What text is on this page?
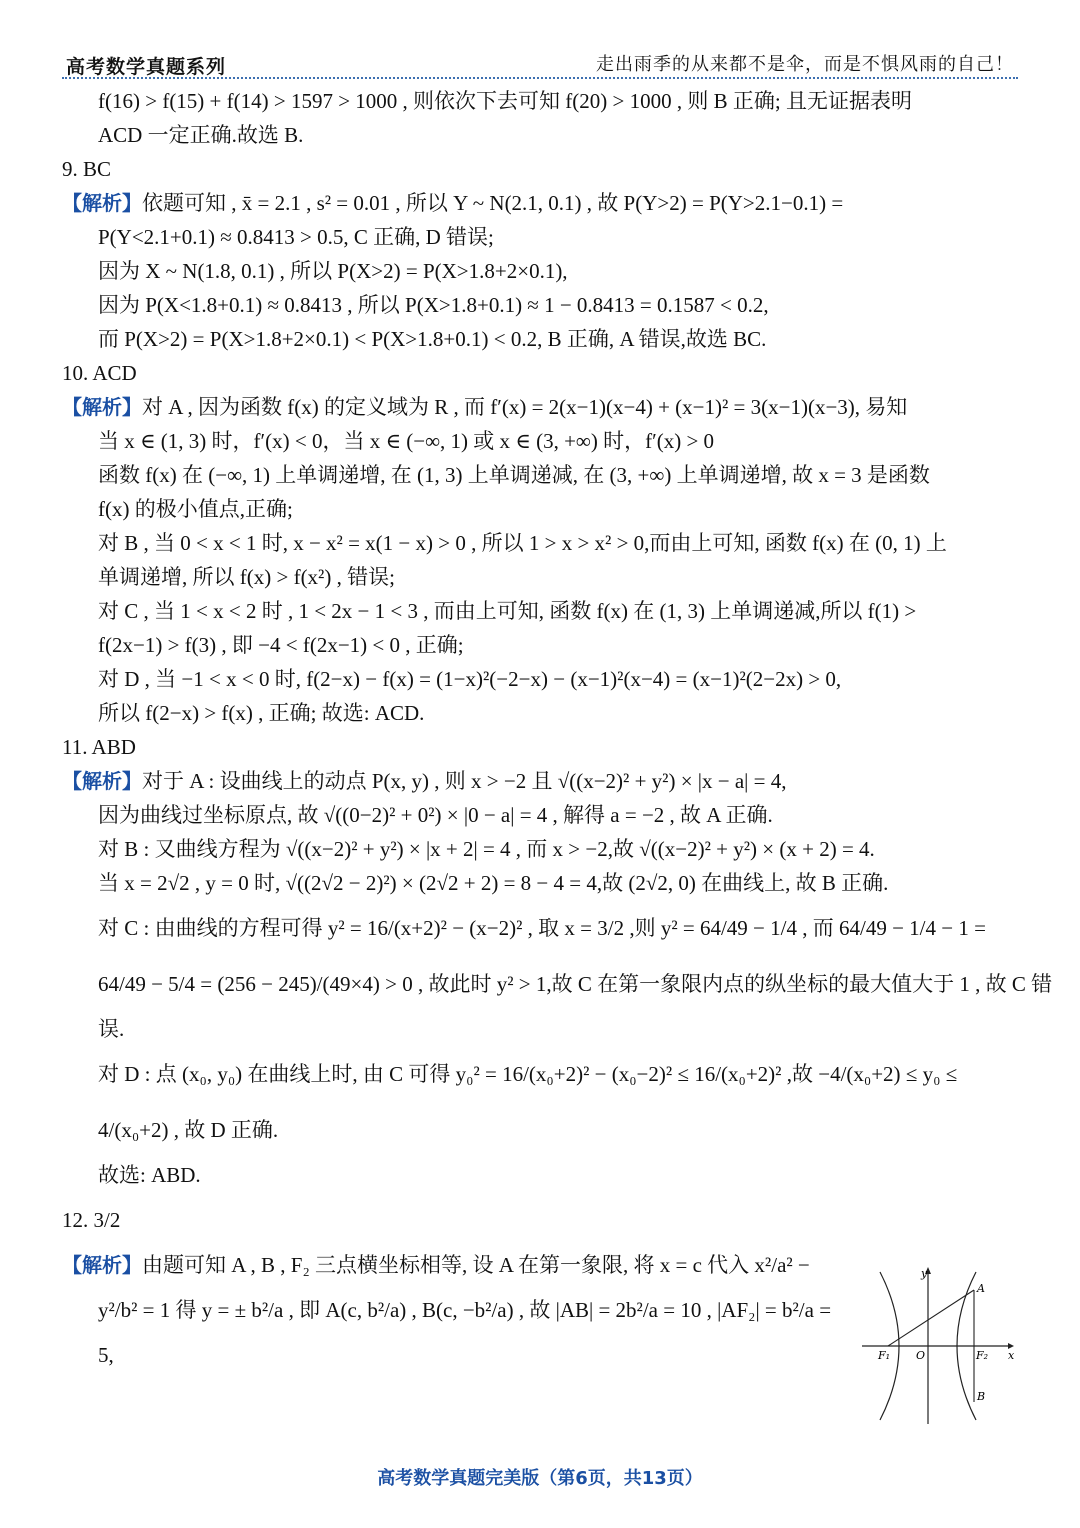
高考数学真题系列	走出雨季的从来都不是伞，而是不惧风雨的自己！
f(16) > f(15) + f(14) > 1597 > 1000 , 则依次下去可知 f(20) > 1000 , 则 B 正确; 且无证据表明
ACD 一定正确.故选 B.
9. BC
【解析】依题可知 , x̄ = 2.1 , s² = 0.01 , 所以 Y ~ N(2.1, 0.1) , 故 P(Y>2) = P(Y>2.1−0.1) =
P(Y<2.1+0.1) ≈ 0.8413 > 0.5, C 正确, D 错误;
因为 X ~ N(1.8, 0.1) , 所以 P(X>2) = P(X>1.8+2×0.1),
因为 P(X<1.8+0.1) ≈ 0.8413 , 所以 P(X>1.8+0.1) ≈ 1 − 0.8413 = 0.1587 < 0.2,
而 P(X>2) = P(X>1.8+2×0.1) < P(X>1.8+0.1) < 0.2, B 正确, A 错误,故选 BC.
10. ACD
【解析】对 A , 因为函数 f(x) 的定义域为 R , 而 f′(x) = 2(x−1)(x−4) + (x−1)² = 3(x−1)(x−3), 易知
当 x ∈ (1, 3) 时，f′(x) < 0，当 x ∈ (−∞, 1) 或 x ∈ (3, +∞) 时，f′(x) > 0
函数 f(x) 在 (−∞, 1) 上单调递增, 在 (1, 3) 上单调递减, 在 (3, +∞) 上单调递增, 故 x = 3 是函数
f(x) 的极小值点,正确;
对 B , 当 0 < x < 1 时, x − x² = x(1 − x) > 0 , 所以 1 > x > x² > 0,而由上可知, 函数 f(x) 在 (0, 1) 上
单调递增, 所以 f(x) > f(x²) , 错误;
对 C , 当 1 < x < 2 时 , 1 < 2x − 1 < 3 , 而由上可知, 函数 f(x) 在 (1, 3) 上单调递减,所以 f(1) >
f(2x−1) > f(3) , 即 −4 < f(2x−1) < 0 , 正确;
对 D , 当 −1 < x < 0 时, f(2−x) − f(x) = (1−x)²(−2−x) − (x−1)²(x−4) = (x−1)²(2−2x) > 0,
所以 f(2−x) > f(x) , 正确; 故选: ACD.
11. ABD
【解析】对于 A : 设曲线上的动点 P(x, y) , 则 x > −2 且 √((x−2)² + y²) × |x − a| = 4,
因为曲线过坐标原点, 故 √((0−2)² + 0²) × |0 − a| = 4 , 解得 a = −2 , 故 A 正确.
对 B : 又曲线方程为 √((x−2)² + y²) × |x + 2| = 4 , 而 x > −2,故 √((x−2)² + y²) × (x + 2) = 4.
当 x = 2√2 , y = 0 时, √((2√2 − 2)²) × (2√2 + 2) = 8 − 4 = 4,故 (2√2, 0) 在曲线上, 故 B 正确.
对 C : 由曲线的方程可得 y² = 16/(x+2)² − (x−2)² , 取 x = 3/2 ,则 y² = 64/49 − 1/4 , 而 64/49 − 1/4 − 1 =
64/49 − 5/4 = (256 − 245)/(49×4) > 0 , 故此时 y² > 1,故 C 在第一象限内点的纵坐标的最大值大于 1 , 故 C 错
误.
对 D : 点 (x₀, y₀) 在曲线上时, 由 C 可得 y₀² = 16/(x₀+2)² − (x₀−2)² ≤ 16/(x₀+2)² ,故 −4/(x₀+2) ≤ y₀ ≤
4/(x₀+2) , 故 D 正确.
故选: ABD.
12. 3/2
【解析】由题可知 A , B , F₂ 三点横坐标相等, 设 A 在第一象限, 将 x = c 代入 x²/a² −
y²/b² = 1 得 y = ± b²/a , 即 A(c, b²/a) , B(c, −b²/a) , 故 |AB| = 2b²/a = 10 , |AF₂| = b²/a =
5,
y
x
A
B
O
F₁	F₂
高考数学真题完美版（第6页，共13页）
